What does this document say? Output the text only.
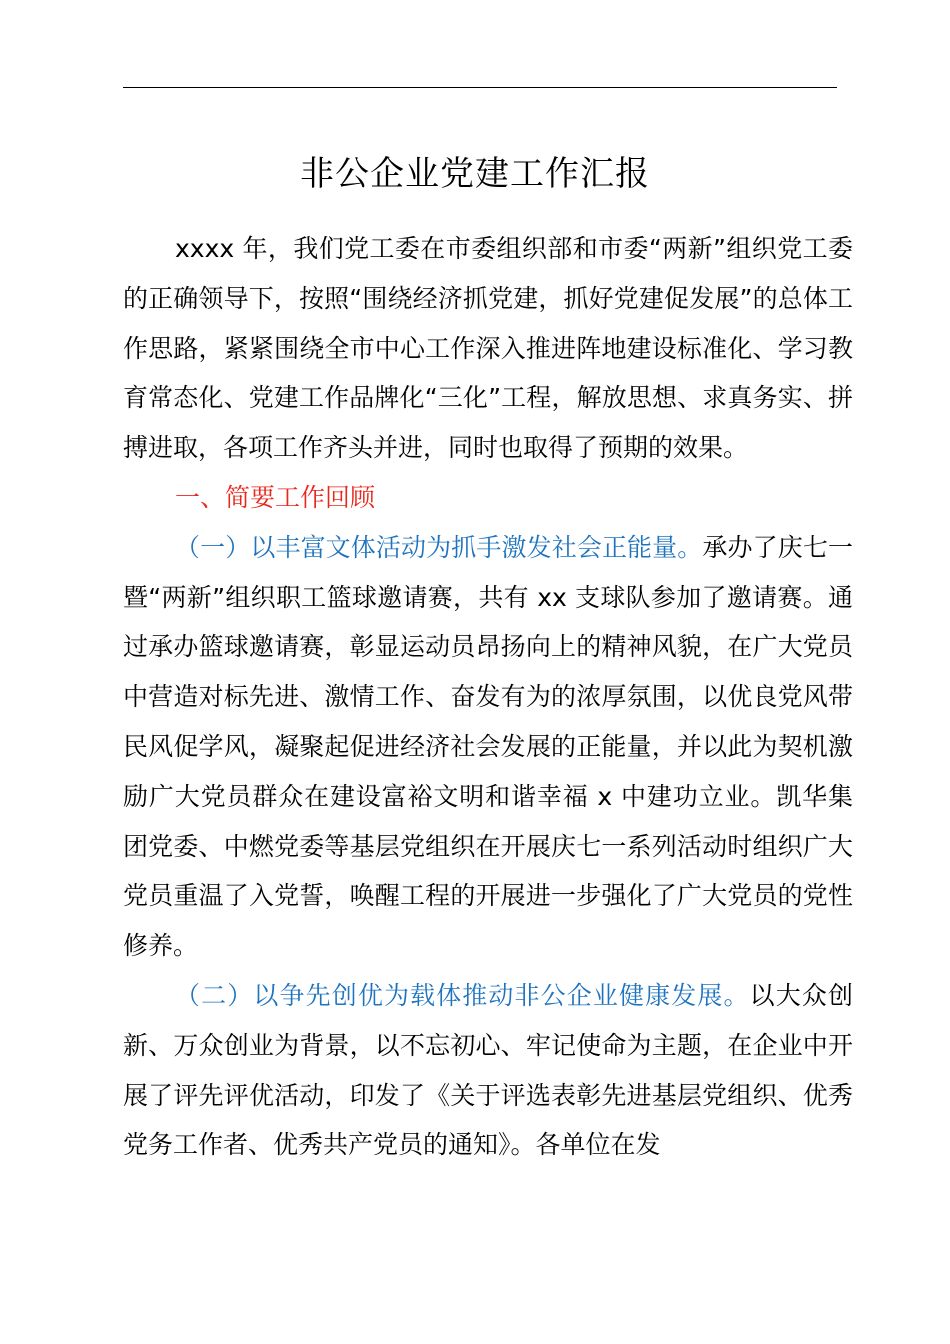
非公企业党建工作汇报

xxxx 年，我们党工委在市委组织部和市委“两新”组织党工委的正确领导下，按照“围绕经济抓党建，抓好党建促发展”的总体工作思路，紧紧围绕全市中心工作深入推进阵地建设标准化、学习教育常态化、党建工作品牌化“三化”工程，解放思想、求真务实、拼搏进取，各项工作齐头并进，同时也取得了预期的效果。

一、简要工作回顾

（一）以丰富文体活动为抓手激发社会正能量。承办了庆七一暨“两新”组织职工篮球邀请赛，共有 xx 支球队参加了邀请赛。通过承办篮球邀请赛，彰显运动员昂扬向上的精神风貌，在广大党员中营造对标先进、激情工作、奋发有为的浓厚氛围，以优良党风带民风促学风，凝聚起促进经济社会发展的正能量，并以此为契机激励广大党员群众在建设富裕文明和谐幸福 x 中建功立业。凯华集团党委、中燃党委等基层党组织在开展庆七一系列活动时组织广大党员重温了入党誓，唤醒工程的开展进一步强化了广大党员的党性修养。

（二）以争先创优为载体推动非公企业健康发展。以大众创新、万众创业为背景，以不忘初心、牢记使命为主题，在企业中开展了评先评优活动，印发了《关于评选表彰先进基层党组织、优秀党务工作者、优秀共产党员的通知》。各单位在发
